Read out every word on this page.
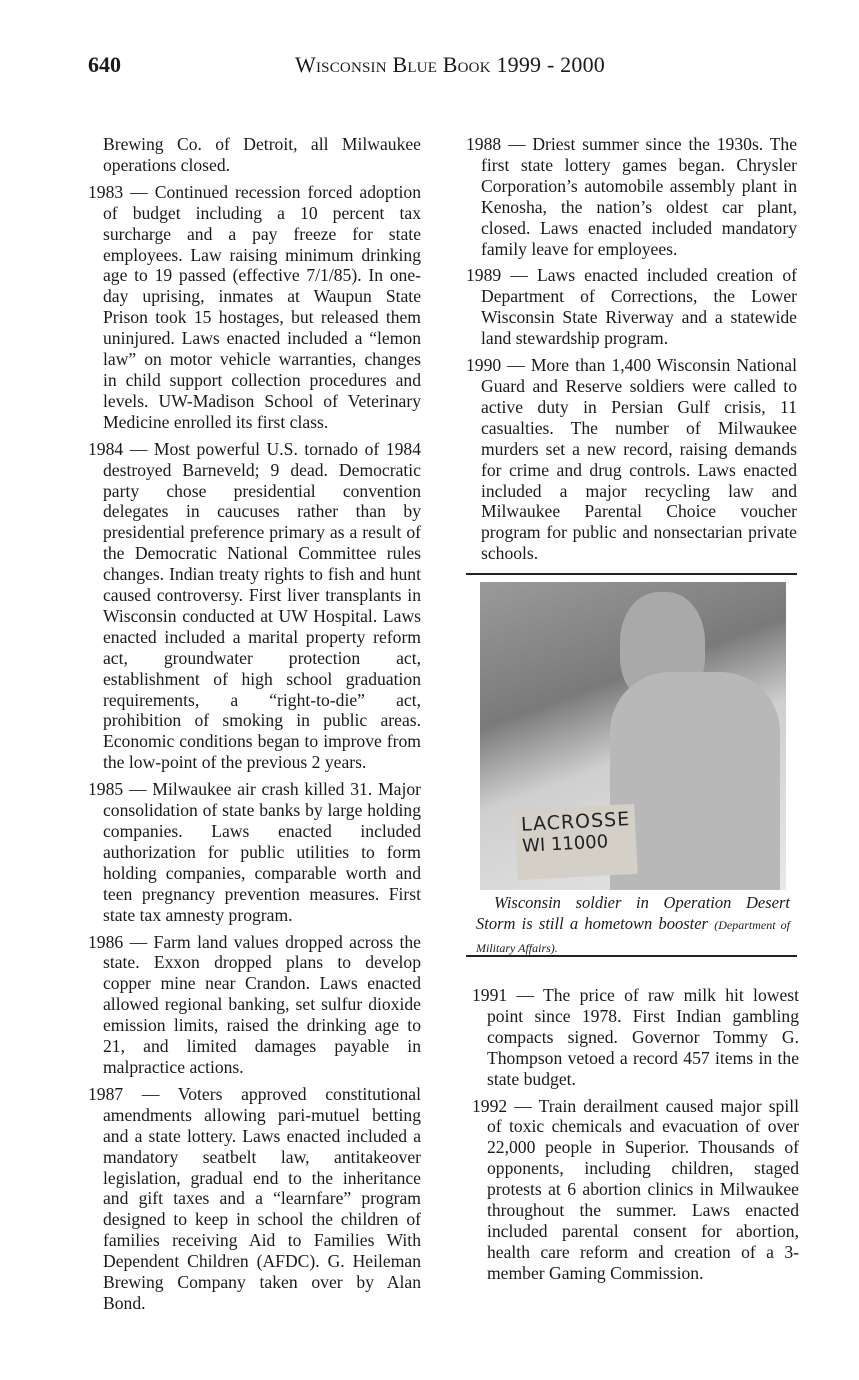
640	Wisconsin Blue Book 1999 - 2000

Brewing Co. of Detroit, all Milwaukee operations closed.

1983 — Continued recession forced adoption of budget including a 10 percent tax surcharge and a pay freeze for state employees. Law raising minimum drinking age to 19 passed (effective 7/1/85). In one-day uprising, inmates at Waupun State Prison took 15 hostages, but released them uninjured. Laws enacted included a “lemon law” on motor vehicle warranties, changes in child support collection procedures and levels. UW-Madison School of Veterinary Medicine enrolled its first class.

1984 — Most powerful U.S. tornado of 1984 destroyed Barneveld; 9 dead. Democratic party chose presidential convention delegates in caucuses rather than by presidential preference primary as a result of the Democratic National Committee rules changes. Indian treaty rights to fish and hunt caused controversy. First liver transplants in Wisconsin conducted at UW Hospital. Laws enacted included a marital property reform act, groundwater protection act, establishment of high school graduation requirements, a “right-to-die” act, prohibition of smoking in public areas. Economic conditions began to improve from the low-point of the previous 2 years.

1985 — Milwaukee air crash killed 31. Major consolidation of state banks by large holding companies. Laws enacted included authorization for public utilities to form holding companies, comparable worth and teen pregnancy prevention measures. First state tax amnesty program.

1986 — Farm land values dropped across the state. Exxon dropped plans to develop copper mine near Crandon. Laws enacted allowed regional banking, set sulfur dioxide emission limits, raised the drinking age to 21, and limited damages payable in malpractice actions.

1987 — Voters approved constitutional amendments allowing pari-mutuel betting and a state lottery. Laws enacted included a mandatory seatbelt law, antitakeover legislation, gradual end to the inheritance and gift taxes and a “learnfare” program designed to keep in school the children of families receiving Aid to Families With Dependent Children (AFDC). G. Heileman Brewing Company taken over by Alan Bond.

1988 — Driest summer since the 1930s. The first state lottery games began. Chrysler Corporation’s automobile assembly plant in Kenosha, the nation’s oldest car plant, closed. Laws enacted included mandatory family leave for employees.

1989 — Laws enacted included creation of Department of Corrections, the Lower Wisconsin State Riverway and a statewide land stewardship program.

1990 — More than 1,400 Wisconsin National Guard and Reserve soldiers were called to active duty in Persian Gulf crisis, 11 casualties. The number of Milwaukee murders set a new record, raising demands for crime and drug controls. Laws enacted included a major recycling law and Milwaukee Parental Choice voucher program for public and nonsectarian private schools.

LACROSSE
WI 11000
Wisconsin soldier in Operation Desert Storm is still a hometown booster (Department of Military Affairs).

1991 — The price of raw milk hit lowest point since 1978. First Indian gambling compacts signed. Governor Tommy G. Thompson vetoed a record 457 items in the state budget.

1992 — Train derailment caused major spill of toxic chemicals and evacuation of over 22,000 people in Superior. Thousands of opponents, including children, staged protests at 6 abortion clinics in Milwaukee throughout the summer. Laws enacted included parental consent for abortion, health care reform and creation of a 3-member Gaming Commission.
